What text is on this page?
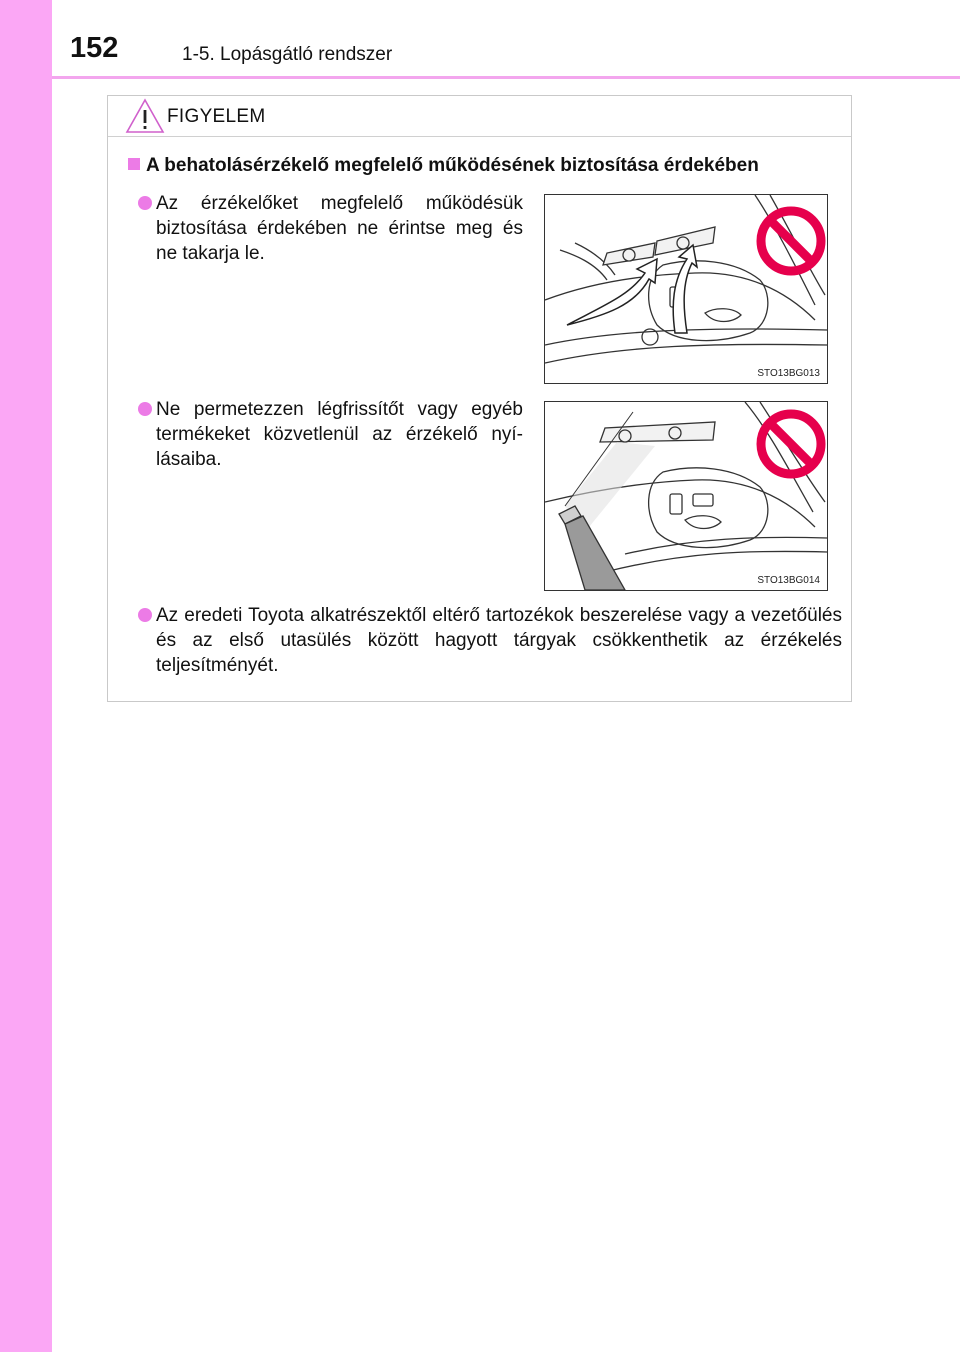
152	1-5. Lopásgátló rendszer
FIGYELEM
A behatolásérzékelő megfelelő működésének biztosítása érdekében
Az érzékelőket megfelelő működésük biztosítása érdekében ne érintse meg és ne takarja le.
Ne permetezzen légfrissítőt vagy egyéb termékeket közvetlenül az érzékelő nyí-lásaiba.
Az eredeti Toyota alkatrészektől eltérő tartozékok beszerelése vagy a vezetőülés és az első utasülés között hagyott tárgyak csökkenthetik az érzékelés teljesítményét.
STO13BG013
STO13BG014
